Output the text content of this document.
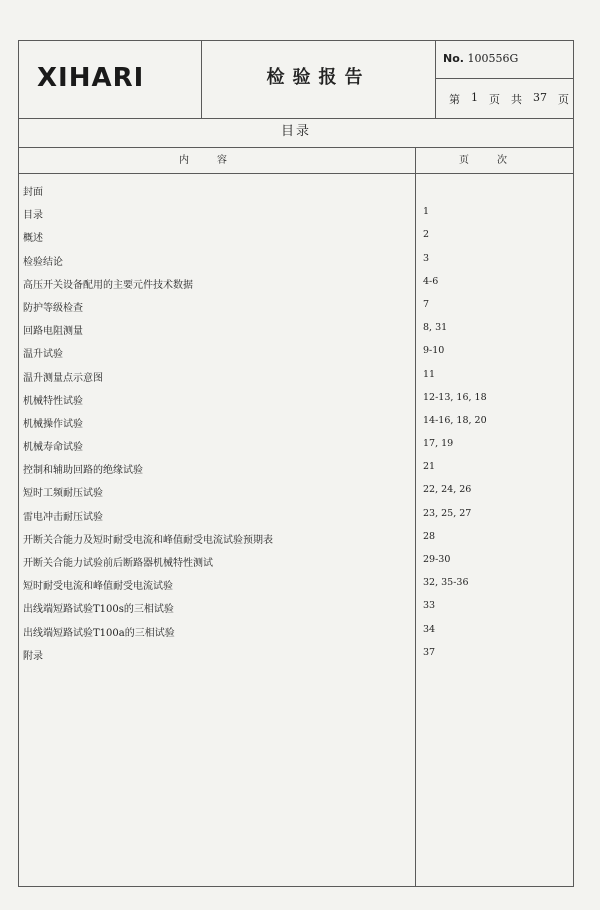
XIHARI	检验报告
No. 100556G
第 1 页 共 37 页
目录
内容	页次
封面
目录	1
概述	2
检验结论	3
高压开关设备配用的主要元件技术数据	4-6
防护等级检查	7
回路电阻测量	8, 31
温升试验	9-10
温升测量点示意图	11
机械特性试验	12-13, 16, 18
机械操作试验	14-16, 18, 20
机械寿命试验	17, 19
控制和辅助回路的绝缘试验	21
短时工频耐压试验	22, 24, 26
雷电冲击耐压试验	23, 25, 27
开断关合能力及短时耐受电流和峰值耐受电流试验预期表	28
开断关合能力试验前后断路器机械特性测试	29-30
短时耐受电流和峰值耐受电流试验	32, 35-36
出线端短路试验T100s的三相试验	33
出线端短路试验T100a的三相试验	34
附录	37
